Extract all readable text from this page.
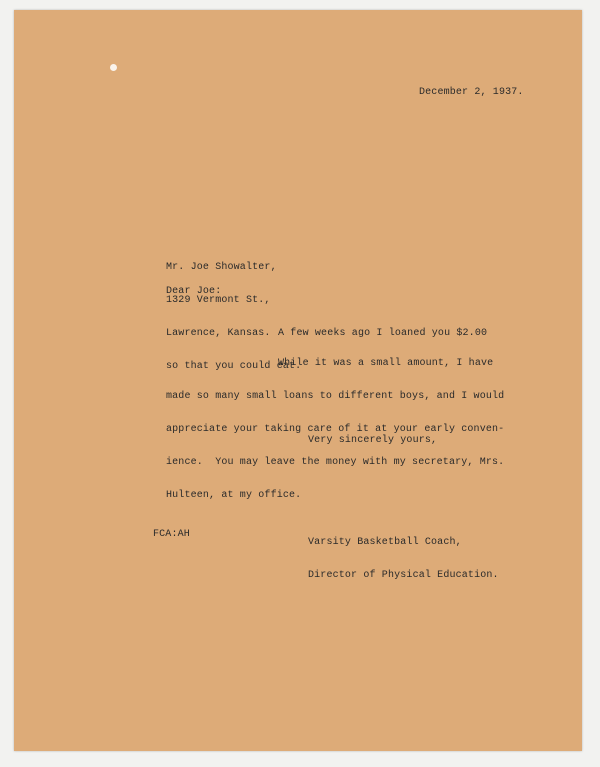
December 2, 1937.

Mr. Joe Showalter,

1329 Vermont St.,

Lawrence, Kansas.

Dear Joe:

A few weeks ago I loaned you $2.00

so that you could eat.

While it was a small amount, I have

made so many small loans to different boys, and I would

appreciate your taking care of it at your early conven-

ience.  You may leave the money with my secretary, Mrs.

Hulteen, at my office.

Very sincerely yours,
FCA:AH

Varsity Basketball Coach,

Director of Physical Education.
